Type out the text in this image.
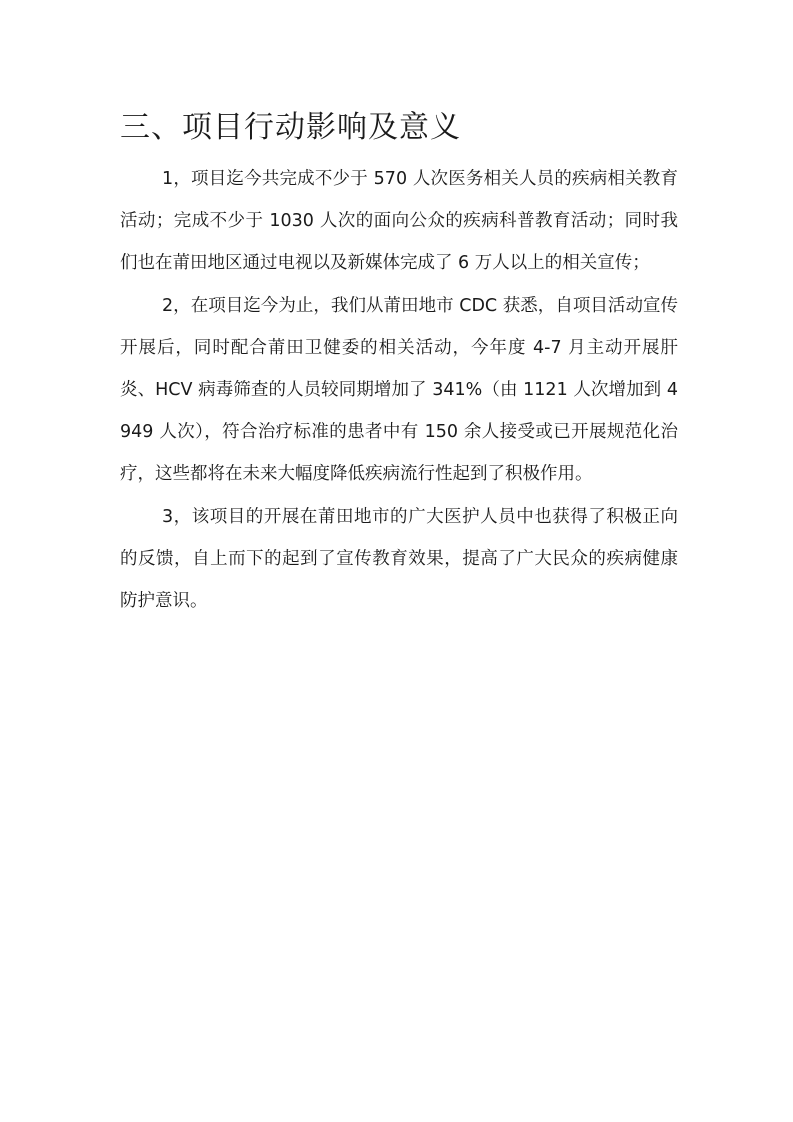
三、项目行动影响及意义

1，项目迄今共完成不少于 570 人次医务相关人员的疾病相关教育活动；完成不少于 1030 人次的面向公众的疾病科普教育活动；同时我们也在莆田地区通过电视以及新媒体完成了 6 万人以上的相关宣传；

2，在项目迄今为止，我们从莆田地市 CDC 获悉，自项目活动宣传开展后，同时配合莆田卫健委的相关活动，今年度 4-7 月主动开展肝炎、HCV 病毒筛查的人员较同期增加了 341%（由 1121 人次增加到 4949 人次），符合治疗标准的患者中有 150 余人接受或已开展规范化治疗，这些都将在未来大幅度降低疾病流行性起到了积极作用。

3，该项目的开展在莆田地市的广大医护人员中也获得了积极正向的反馈，自上而下的起到了宣传教育效果，提高了广大民众的疾病健康防护意识。
